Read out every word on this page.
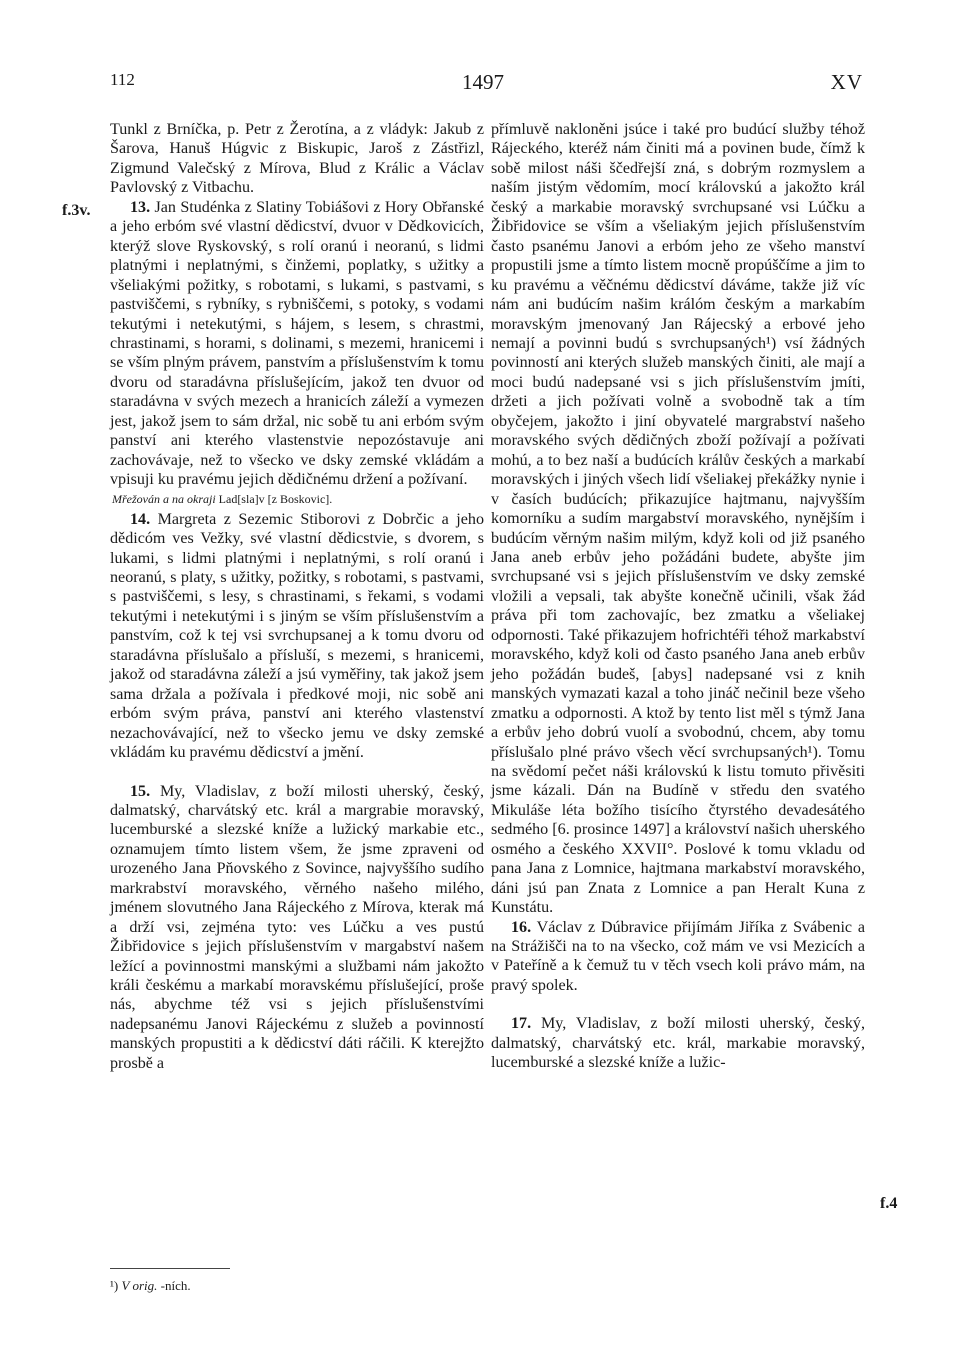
112	1497	XV
f.3v.
f.4

Tunkl z Brníčka, p. Petr z Žerotína, a z vládyk: Jakub z Šarova, Hanuš Húgvic z Biskupic, Jaroš z Zástřizl, Zigmund Valečský z Mírova, Blud z Králic a Václav Pavlovský z Vitbachu.

13. Jan Studénka z Slatiny Tobiášovi z Hory Obřanské a jeho erbóm své vlastní dědicství, dvuor v Dědkovicích, kterýž slove Ryskovský, s rolí oranú i neoranú, s lidmi platnými i neplatnými, s činžemi, poplatky, s užitky a všeliakými požitky, s robotami, s lukami, s pastvami, s pastviščemi, s rybníky, s rybniščemi, s potoky, s vodami tekutými i netekutými, s hájem, s lesem, s chrastmi, chrastinami, s horami, s dolinami, s mezemi, hranicemi i se vším plným právem, panstvím a příslušenstvím k tomu dvoru od staradávna příslušejícím, jakož ten dvuor od staradávna v svých mezech a hranicích záleží a vymezen jest, jakož jsem to sám držal, nic sobě tu ani erbóm svým panství ani kterého vlastenstvie nepozóstavuje ani zachovávaje, než to všecko ve dsky zemské vkládám a vpisuji ku pravému jejich dědičnému držení a požívaní.

Mřežován a na okraji Lad[sla]v [z Boskovic].

14. Margreta z Sezemic Stiborovi z Dobrčic a jeho dědicóm ves Vežky, své vlastní dědicstvie, s dvorem, s lukami, s lidmi platnými i neplatnými, s rolí oranú i neoranú, s platy, s užitky, požitky, s robotami, s pastvami, s pastviščemi, s lesy, s chrastinami, s řekami, s vodami tekutými i netekutými i s jiným se vším příslušenstvím a panstvím, což k tej vsi svrchupsanej a k tomu dvoru od staradávna příslušalo a přísluší, s mezemi, s hranicemi, jakož od staradávna záleží a jsú vyměřiny, tak jakož jsem sama držala a požívala i předkové moji, nic sobě ani erbóm svým práva, panství ani kterého vlastenství nezachovávající, než to všecko jemu ve dsky zemské vkládám ku pravému dědicství a jmění.

15. My, Vladislav, z boží milosti uherský, český, dalmatský, charvátský etc. král a margrabie moravský, lucemburské a slezské kníže a lužický markabie etc., oznamujem tímto listem všem, že jsme zpraveni od urozeného Jana Pňovského z Sovince, najvyššího sudího markrabství moravského, věrného našeho milého, jménem slovutného Jana Rájeckého z Mírova, kterak má a drží vsi, zejména tyto: ves Lúčku a ves pustú Žibřidovice s jejich příslušenstvím v margabství našem ležící a povinnostmi manskými a službami nám jakožto králi českému a markabí moravskému příslušející, proše nás, abychme též vsi s jejich příslušenstvími nadepsanému Janovi Rájeckému z služeb a povinností manských propustiti a k dědicství dáti ráčili. K kterejžto prosbě a

přímluvě nakloněni jsúce i také pro budúcí služby téhož Rájeckého, kteréž nám činiti má a povinen bude, čímž k sobě milost náši ščedřejší zná, s dobrým rozmyslem a naším jistým vědomím, mocí královskú a jakožto král český a markabie moravský svrchupsané vsi Lúčku a Žibřidovice se vším a všeliakým jejich příslušenstvím často psanému Janovi a erbóm jeho ze všeho manství propustili jsme a tímto listem mocně propúščíme a jim to ku pravému a věčnému dědicství dáváme, takže již víc nám ani budúcím našim králóm českým a markabím moravským jmenovaný Jan Rájecský a erbové jeho nemají a povinni budú s svrchupsaných¹) vsí žádných povinností ani kterých služeb manských činiti, ale mají a moci budú nadepsané vsi s jich příslušenstvím jmíti, držeti a jich požívati volně a svobodně tak a tím obyčejem, jakožto i jiní obyvatelé margrabství našeho moravského svých dědičných zboží požívají a požívati mohú, a to bez naší a budúcích králův českých a markabí moravských i jiných všech lidí všeliakej překážky nynie i v časích budúcích; přikazujíce hajtmanu, najvyšším komorníku a sudím margabství moravského, nynějším i budúcím věrným našim milým, když koli od již psaného Jana aneb erbův jeho požádáni budete, abyšte jim svrchupsané vsi s jejich příslušenstvím ve dsky zemské vložili a vepsali, tak abyšte konečně učinili, však žád práva při tom zachovajíc, bez zmatku a všeliakej odpornosti. Také přikazujem hofrichtéři téhož markabství moravského, když koli od často psaného Jana aneb erbův jeho požádán budeš, [abys] nadepsané vsi z knih manských vymazati kazal a toho jináč nečinil beze všeho zmatku a odpornosti. A ktož by tento list měl s týmž Jana a erbův jeho dobrú vuolí a svobodnú, chcem, aby tomu příslušalo plné právo všech věcí svrchupsaných¹). Tomu na svědomí pečet náši královskú k listu tomuto přivěsiti jsme kázali. Dán na Budíně v středu den svatého Mikuláše léta božího tisícího čtyrstého devadesátého sedmého [6. prosince 1497] a království našich uherského osmého a českého XXVII°. Poslové k tomu vkladu od pana Jana z Lomnice, hajtmana markabství moravského, dáni jsú pan Znata z Lomnice a pan Heralt Kuna z Kunstátu.

16. Václav z Dúbravice přijímám Jiříka z Svábenic a na Strážišči na to na všecko, což mám ve vsi Mezicích a v Pateříně a k čemuž tu v těch vsech koli právo mám, na pravý spolek.

17. My, Vladislav, z boží milosti uherský, český, dalmatský, charvátský etc. král, markabie moravský, lucemburské a slezské kníže a lužic-

¹) V orig. -ních.
